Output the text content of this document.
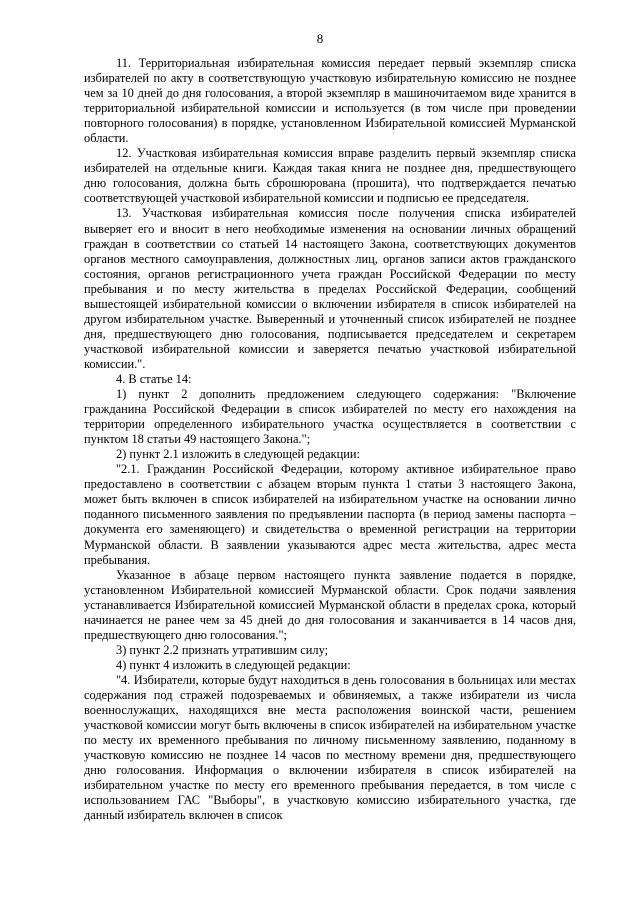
8

11. Территориальная избирательная комиссия передает первый экземпляр списка избирателей по акту в соответствующую участковую избирательную комиссию не позднее чем за 10 дней до дня голосования, а второй экземпляр в машиночитаемом виде хранится в территориальной избирательной комиссии и используется (в том числе при проведении повторного голосования) в порядке, установленном Избирательной комиссией Мурманской области.

12. Участковая избирательная комиссия вправе разделить первый экземпляр списка избирателей на отдельные книги. Каждая такая книга не позднее дня, предшествующего дню голосования, должна быть сброшюрована (прошита), что подтверждается печатью соответствующей участковой избирательной комиссии и подписью ее председателя.

13. Участковая избирательная комиссия после получения списка избирателей выверяет его и вносит в него необходимые изменения на основании личных обращений граждан в соответствии со статьей 14 настоящего Закона, соответствующих документов органов местного самоуправления, должностных лиц, органов записи актов гражданского состояния, органов регистрационного учета граждан Российской Федерации по месту пребывания и по месту жительства в пределах Российской Федерации, сообщений вышестоящей избирательной комиссии о включении избирателя в список избирателей на другом избирательном участке. Выверенный и уточненный список избирателей не позднее дня, предшествующего дню голосования, подписывается председателем и секретарем участковой избирательной комиссии и заверяется печатью участковой избирательной комиссии.".

4. В статье 14:

1) пункт 2 дополнить предложением следующего содержания: "Включение гражданина Российской Федерации в список избирателей по месту его нахождения на территории определенного избирательного участка осуществляется в соответствии с пунктом 18 статьи 49 настоящего Закона.";

2) пункт 2.1 изложить в следующей редакции:

"2.1. Гражданин Российской Федерации, которому активное избирательное право предоставлено в соответствии с абзацем вторым пункта 1 статьи 3 настоящего Закона, может быть включен в список избирателей на избирательном участке на основании лично поданного письменного заявления по предъявлении паспорта (в период замены паспорта – документа его заменяющего) и свидетельства о временной регистрации на территории Мурманской области. В заявлении указываются адрес места жительства, адрес места пребывания.

Указанное в абзаце первом настоящего пункта заявление подается в порядке, установленном Избирательной комиссией Мурманской области. Срок подачи заявления устанавливается Избирательной комиссией Мурманской области в пределах срока, который начинается не ранее чем за 45 дней до дня голосования и заканчивается в 14 часов дня, предшествующего дню голосования.";

3) пункт 2.2 признать утратившим силу;

4) пункт 4 изложить в следующей редакции:

"4. Избиратели, которые будут находиться в день голосования в больницах или местах содержания под стражей подозреваемых и обвиняемых, а также избиратели из числа военнослужащих, находящихся вне места расположения воинской части, решением участковой комиссии могут быть включены в список избирателей на избирательном участке по месту их временного пребывания по личному письменному заявлению, поданному в участковую комиссию не позднее 14 часов по местному времени дня, предшествующего дню голосования. Информация о включении избирателя в список избирателей на избирательном участке по месту его временного пребывания передается, в том числе с использованием ГАС "Выборы", в участковую комиссию избирательного участка, где данный избиратель включен в список
